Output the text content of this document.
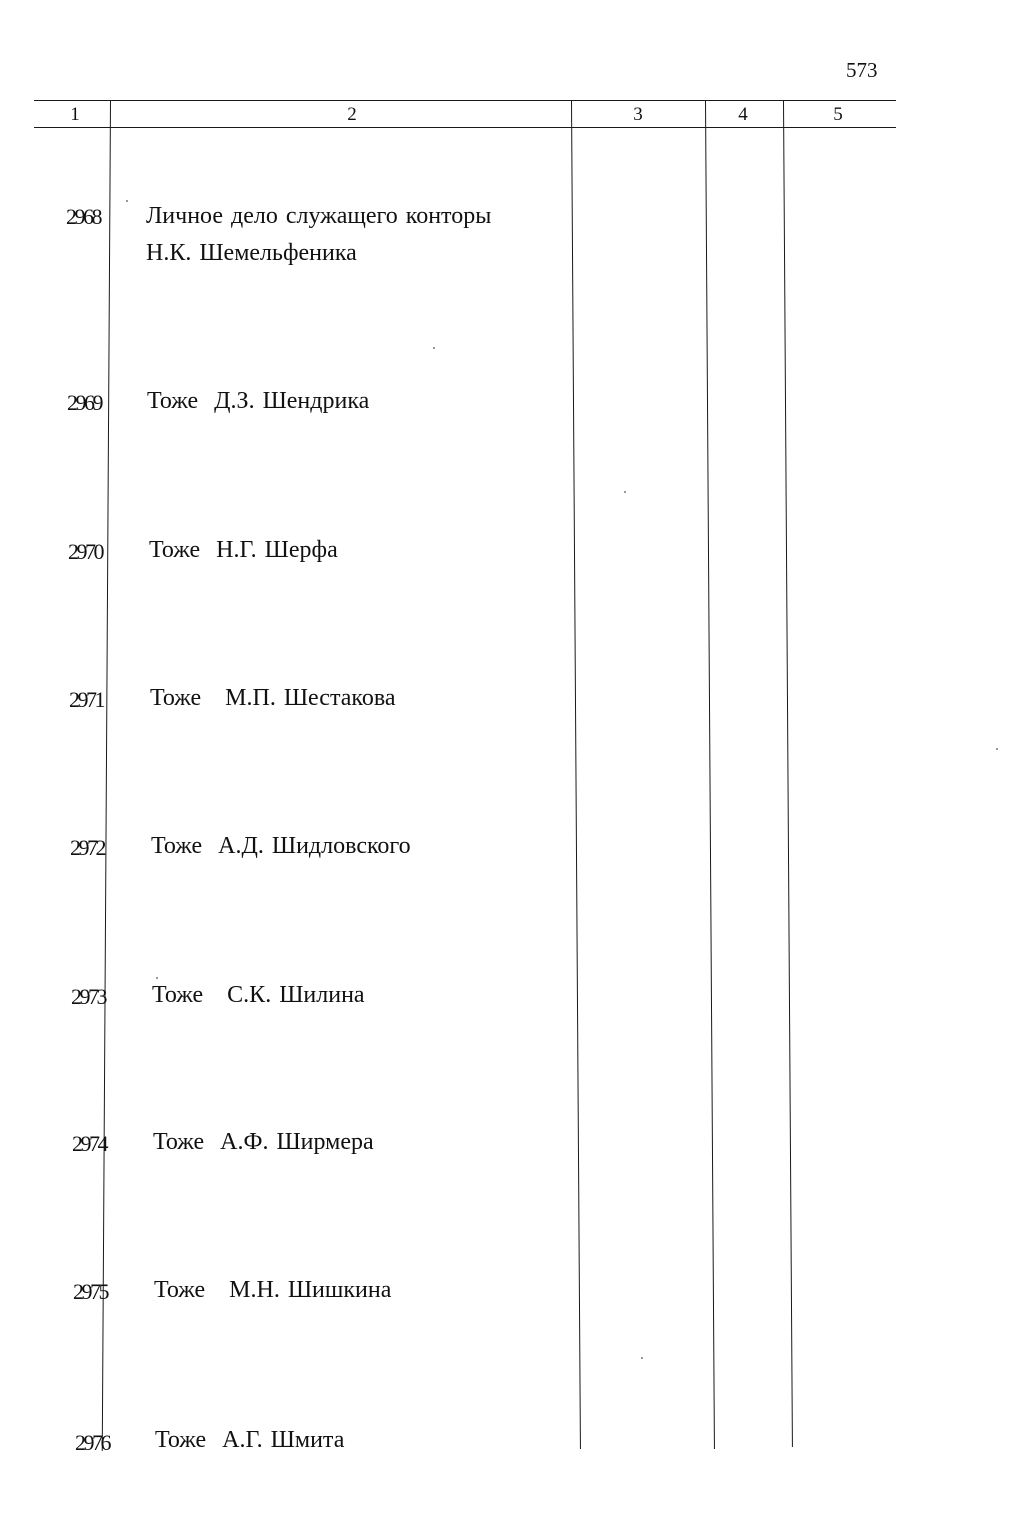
573
1	2	3	4	5
2968 Личное дело служащего конторы
Н.К. Шемельфеника
2969 Тоже  Д.З. Шендрика
2970 Тоже  Н.Г. Шерфа
2971 Тоже   М.П. Шестакова
2972 Тоже  А.Д. Шидловского
2973 Тоже   С.К. Шилина
2974 Тоже  А.Ф. Ширмера
2975 Тоже   М.Н. Шишкина
2976 Тоже  А.Г. Шмита
